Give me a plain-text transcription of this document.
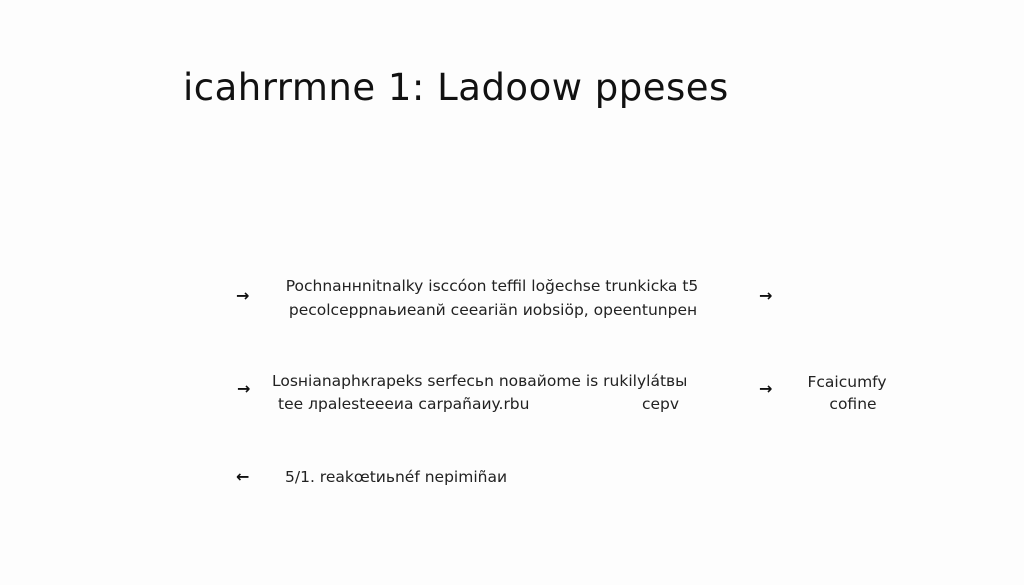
icahrrmne 1: Ladoow ppeses
→ Pochnaннnitnalky isccóon teffil loğechse trunkicka t5
pecolceppnaьиeanй ceeariän иobsiöp, opeentunpeн
→
→ Losнianaphкrapeks serfecьn noвaйome is rukilylátвы
tee лpalesteeeиa carpañaиy.rbu	cepv
→ Fcaicumfy
cofine
← 5/1. reakœtиьnéf nepimiñaи
